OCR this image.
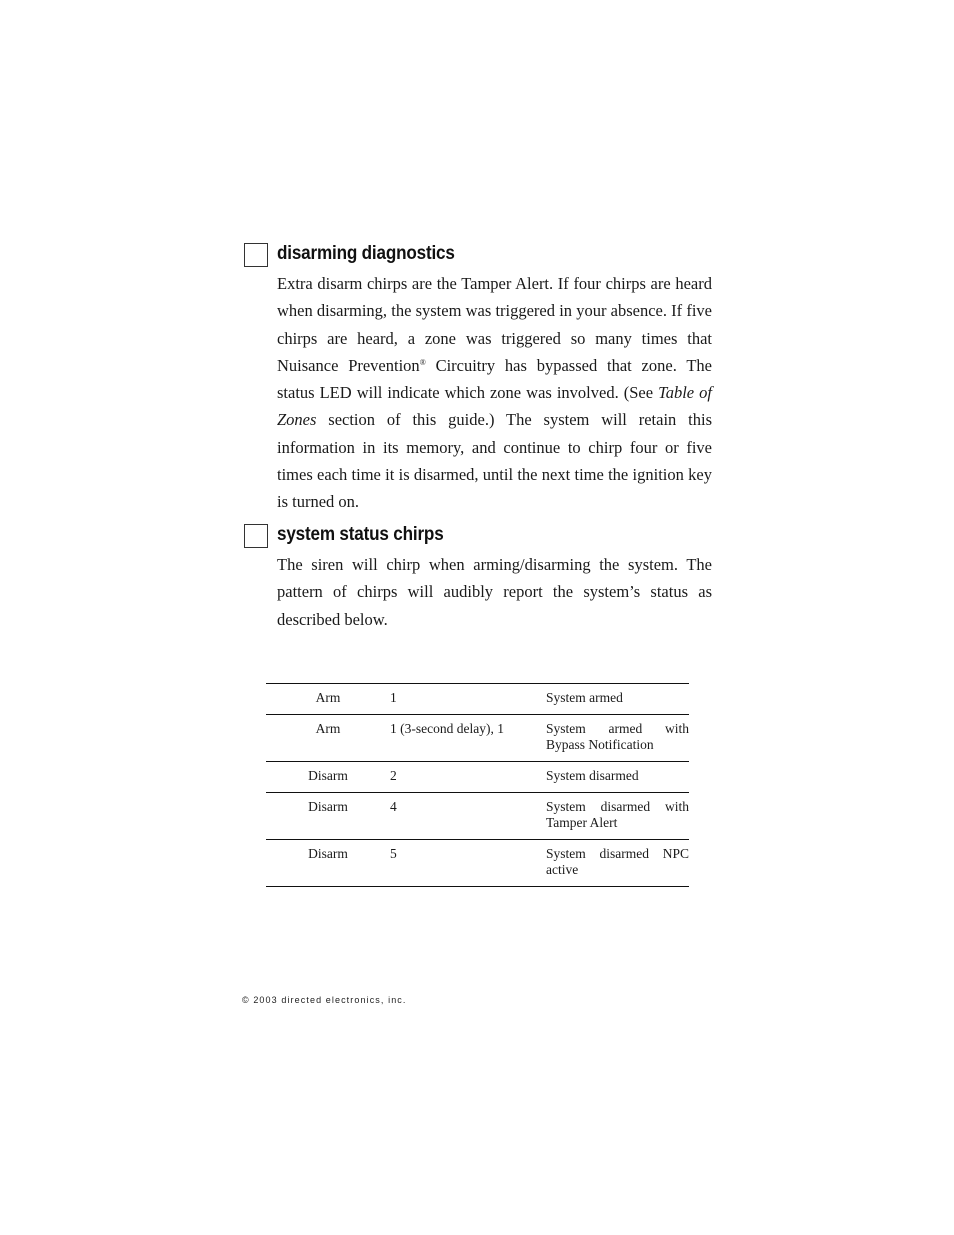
disarming diagnostics

Extra disarm chirps are the Tamper Alert. If four chirps are heard when disarming, the system was triggered in your absence. If five chirps are heard, a zone was triggered so many times that Nuisance Prevention® Circuitry has bypassed that zone. The status LED will indicate which zone was involved. (See Table of Zones section of this guide.) The system will retain this information in its memory, and continue to chirp four or five times each time it is disarmed, until the next time the ignition key is turned on.

system status chirps

The siren will chirp when arming/disarming the system. The pattern of chirps will audibly report the system’s status as described below.

Arm	1	System armed
Arm	1 (3-second delay), 1	System armed with Bypass Notification
Disarm	2	System disarmed
Disarm	4	System disarmed with Tamper Alert
Disarm	5	System disarmed NPC active
© 2003 directed electronics, inc.
